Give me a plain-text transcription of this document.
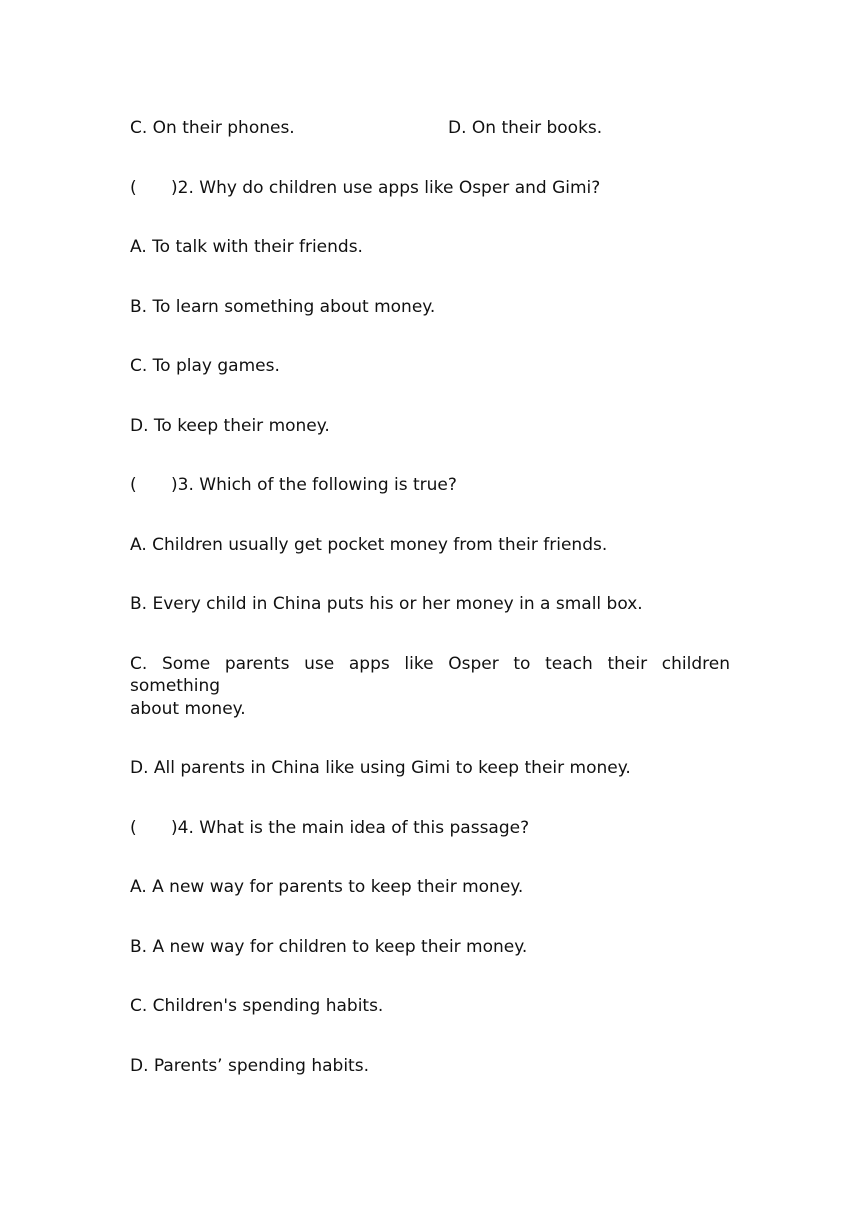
C. On their phones.	D. On their books.
( )2. Why do children use apps like Osper and Gimi?
A. To talk with their friends.
B. To learn something about money.
C. To play games.
D. To keep their money.
( )3. Which of the following is true?
A. Children usually get pocket money from their friends.
B. Every child in China puts his or her money in a small box.
C. Some parents use apps like Osper to teach their children something
about money.
D. All parents in China like using Gimi to keep their money.
( )4. What is the main idea of this passage?
A. A new way for parents to keep their money.
B. A new way for children to keep their money.
C. Children's spending habits.
D. Parents’ spending habits.
